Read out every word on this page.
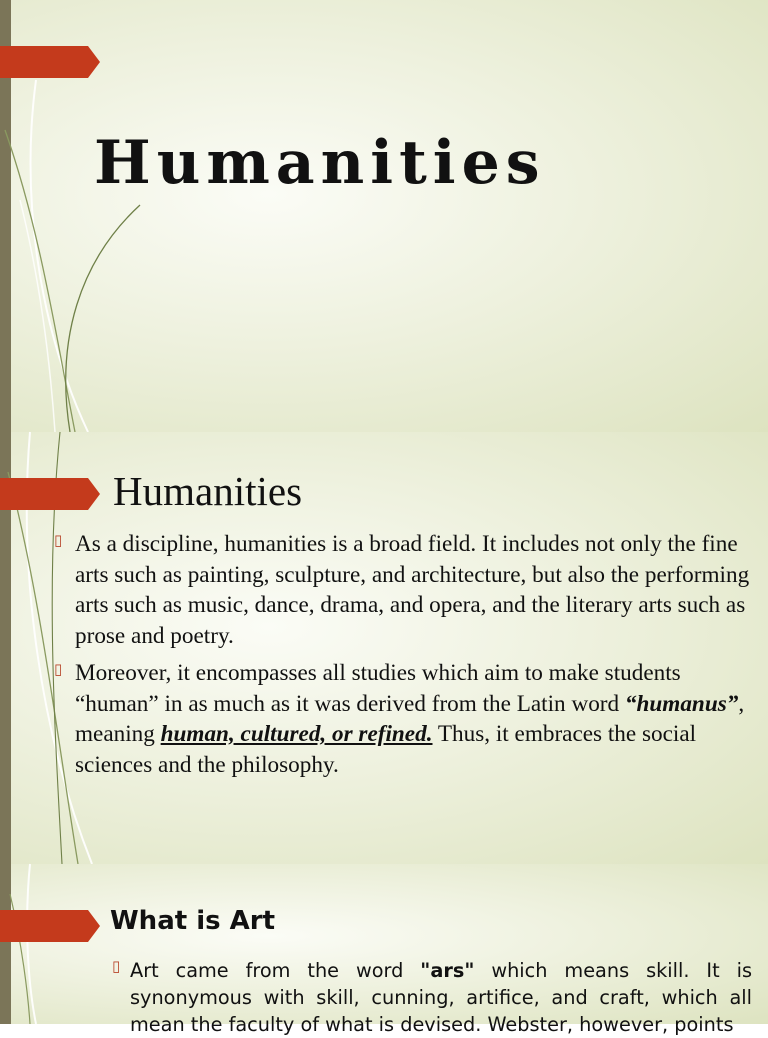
Humanities
Humanities
▯ As a discipline, humanities is a broad field. It includes not only the fine arts such as painting, sculpture, and architecture, but also the performing arts such as music, dance, drama, and opera, and the literary arts such as prose and poetry.
▯ Moreover, it encompasses all studies which aim to make students “human” in as much as it was derived from the Latin word “humanus”, meaning human, cultured, or refined. Thus, it embraces the social sciences and the philosophy.
What is Art
▯ Art came from the word "ars" which means skill. It is synonymous with skill, cunning, artifice, and craft, which all mean the faculty of what is devised. Webster, however, points
